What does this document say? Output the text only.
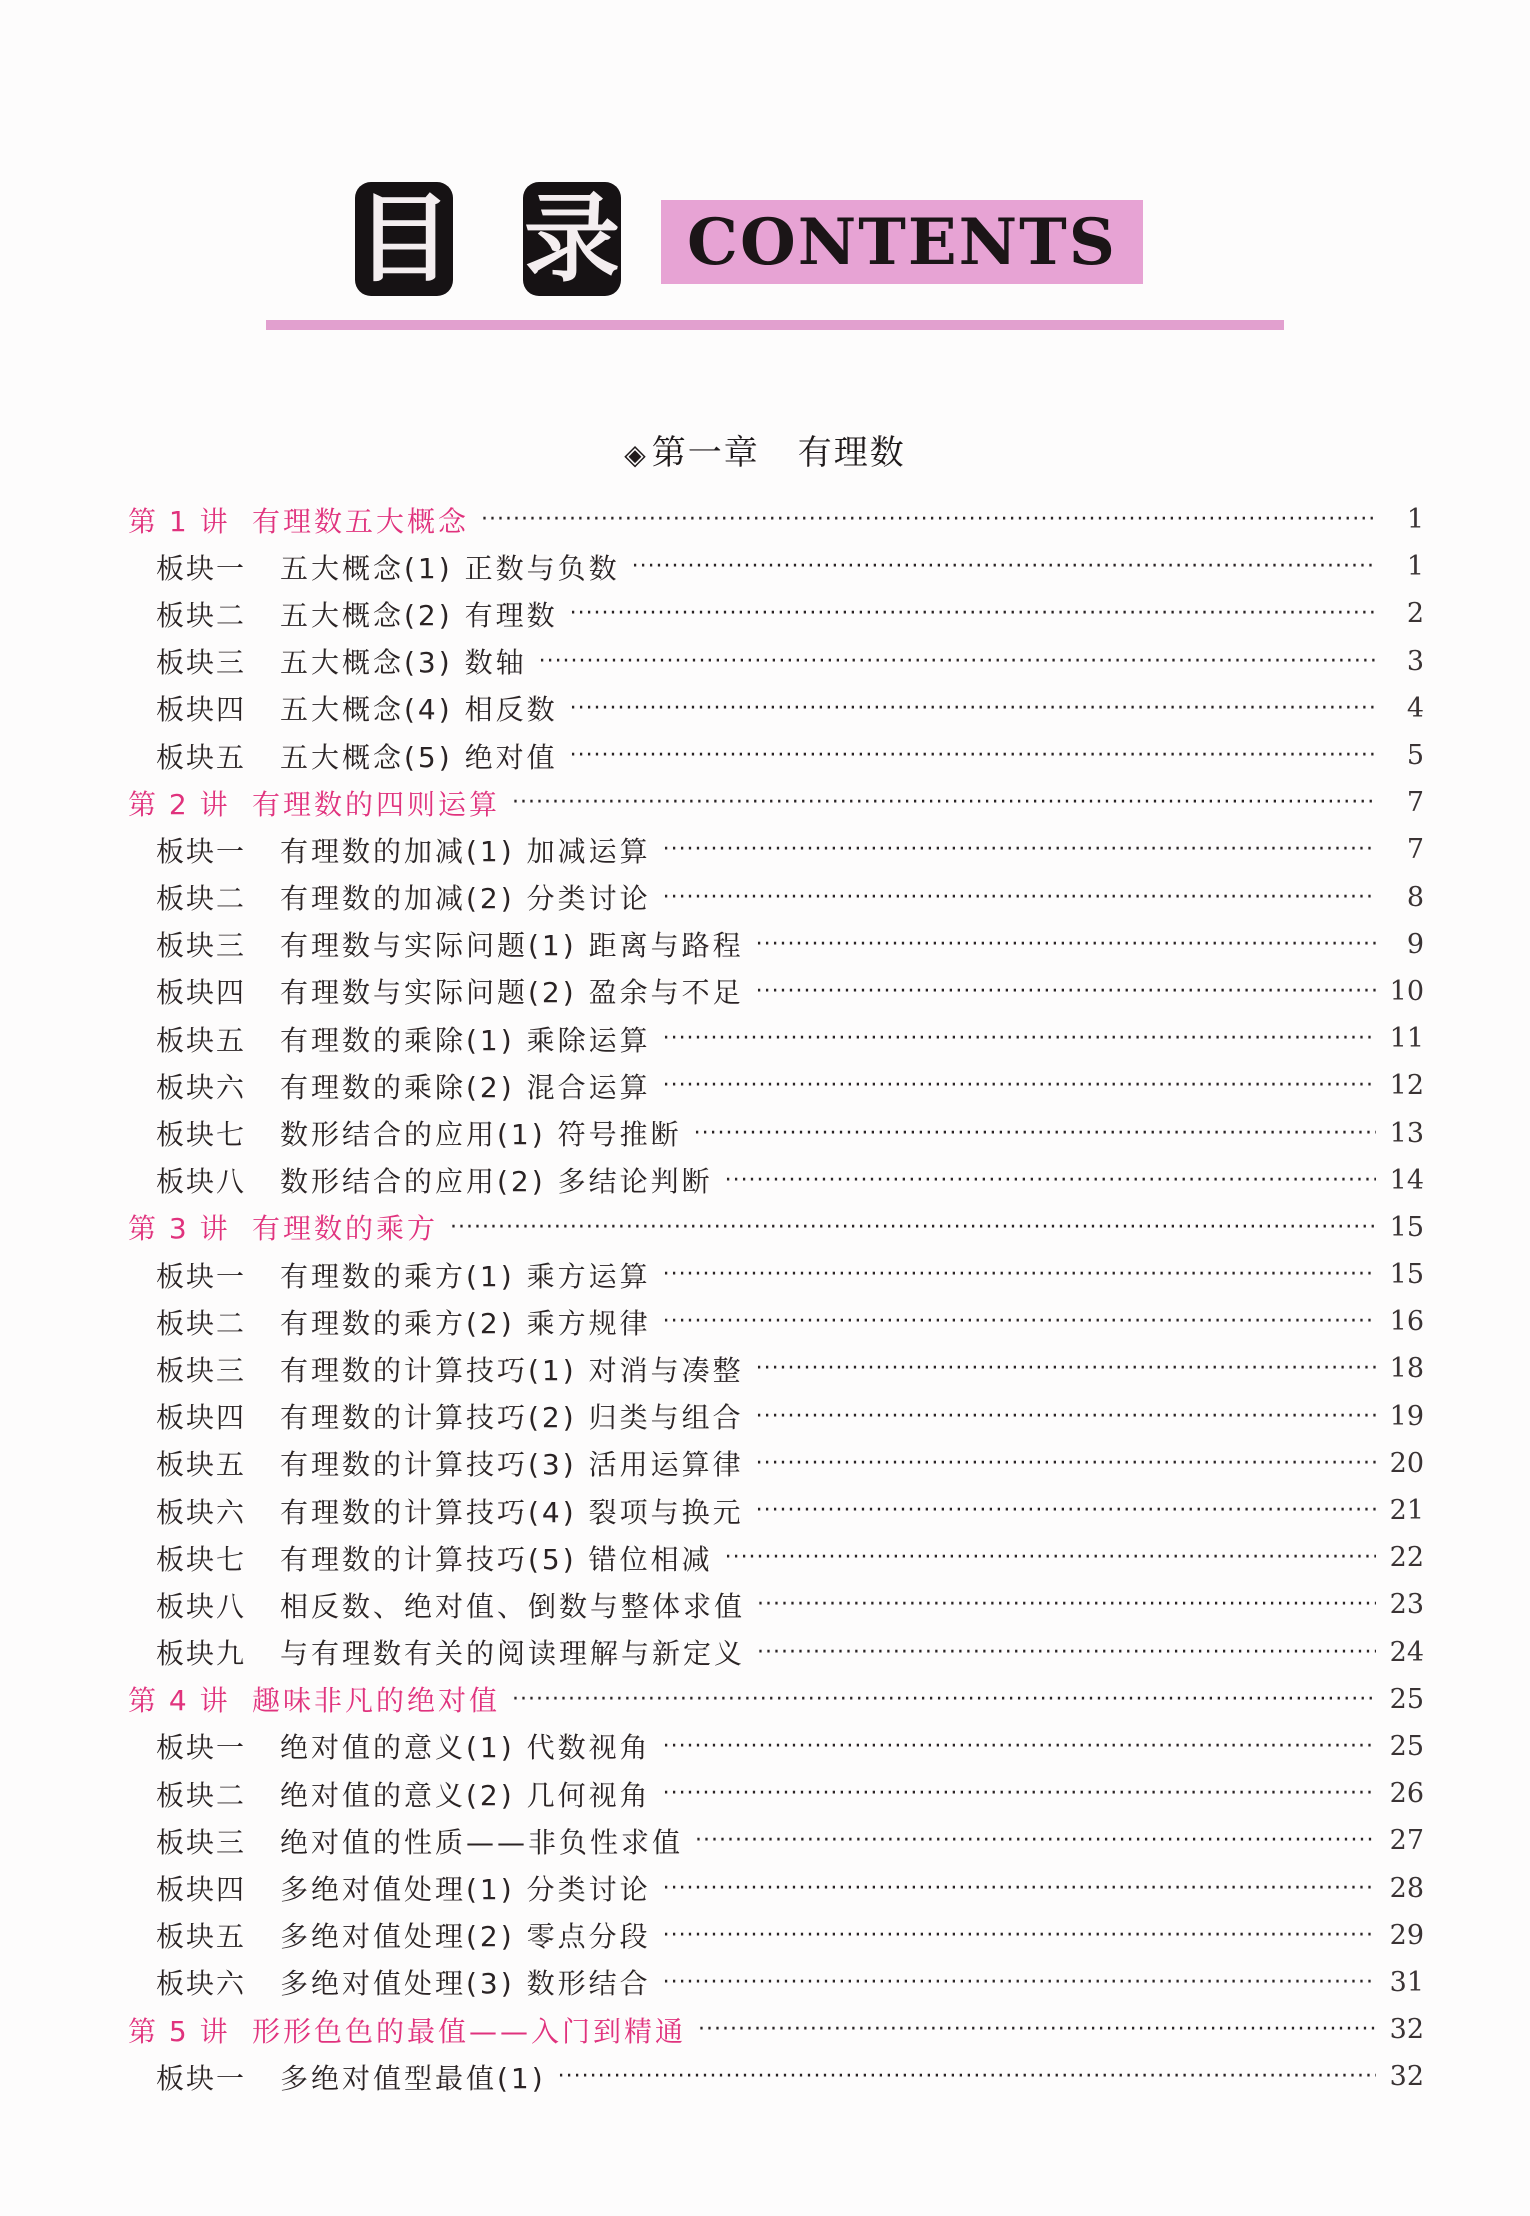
目 录 CONTENTS
◈ 第一章 有理数
第 1 讲 有理数五大概念 ·····	1
板块一	五大概念(1) 正数与负数 ·····	1
板块二	五大概念(2) 有理数 ·····	2
板块三	五大概念(3) 数轴 ·····	3
板块四	五大概念(4) 相反数 ·····	4
板块五	五大概念(5) 绝对值 ·····	5
第 2 讲 有理数的四则运算 ·····	7
板块一	有理数的加减(1) 加减运算 ·····	7
板块二	有理数的加减(2) 分类讨论 ·····	8
板块三	有理数与实际问题(1) 距离与路程 ·····	9
板块四	有理数与实际问题(2) 盈余与不足 ·····	10
板块五	有理数的乘除(1) 乘除运算 ·····	11
板块六	有理数的乘除(2) 混合运算 ·····	12
板块七	数形结合的应用(1) 符号推断 ·····	13
板块八	数形结合的应用(2) 多结论判断 ·····	14
第 3 讲 有理数的乘方 ·····	15
板块一	有理数的乘方(1) 乘方运算 ·····	15
板块二	有理数的乘方(2) 乘方规律 ·····	16
板块三	有理数的计算技巧(1) 对消与凑整 ·····	18
板块四	有理数的计算技巧(2) 归类与组合 ·····	19
板块五	有理数的计算技巧(3) 活用运算律 ·····	20
板块六	有理数的计算技巧(4) 裂项与换元 ·····	21
板块七	有理数的计算技巧(5) 错位相减 ·····	22
板块八	相反数、绝对值、倒数与整体求值 ·····	23
板块九	与有理数有关的阅读理解与新定义 ·····	24
第 4 讲 趣味非凡的绝对值 ·····	25
板块一	绝对值的意义(1) 代数视角 ·····	25
板块二	绝对值的意义(2) 几何视角 ·····	26
板块三	绝对值的性质——非负性求值 ·····	27
板块四	多绝对值处理(1) 分类讨论 ·····	28
板块五	多绝对值处理(2) 零点分段 ·····	29
板块六	多绝对值处理(3) 数形结合 ·····	31
第 5 讲 形形色色的最值——入门到精通 ·····	32
板块一	多绝对值型最值(1) ·····	32
